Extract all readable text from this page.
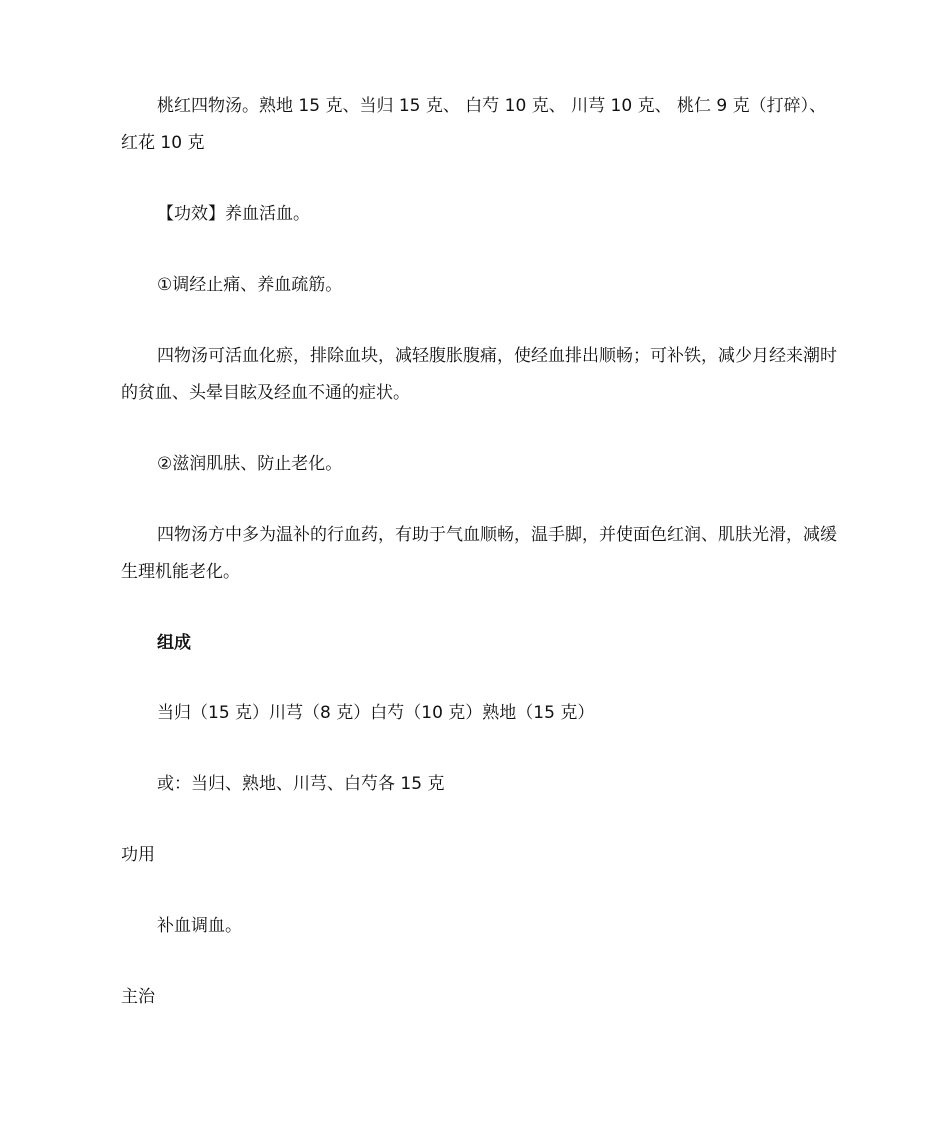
桃红四物汤。熟地 15 克、当归 15 克、 白芍 10 克、 川芎 10 克、 桃仁 9 克（打碎）、红花 10 克

【功效】养血活血。

①调经止痛、养血疏筋。

四物汤可活血化瘀，排除血块，减轻腹胀腹痛，使经血排出顺畅；可补铁，减少月经来潮时的贫血、头晕目眩及经血不通的症状。

②滋润肌肤、防止老化。

四物汤方中多为温补的行血药，有助于气血顺畅，温手脚，并使面色红润、肌肤光滑，减缓生理机能老化。

组成

当归（15 克）川芎（8 克）白芍（10 克）熟地（15 克）

或：当归、熟地、川芎、白芍各 15 克

功用

补血调血。

主治
